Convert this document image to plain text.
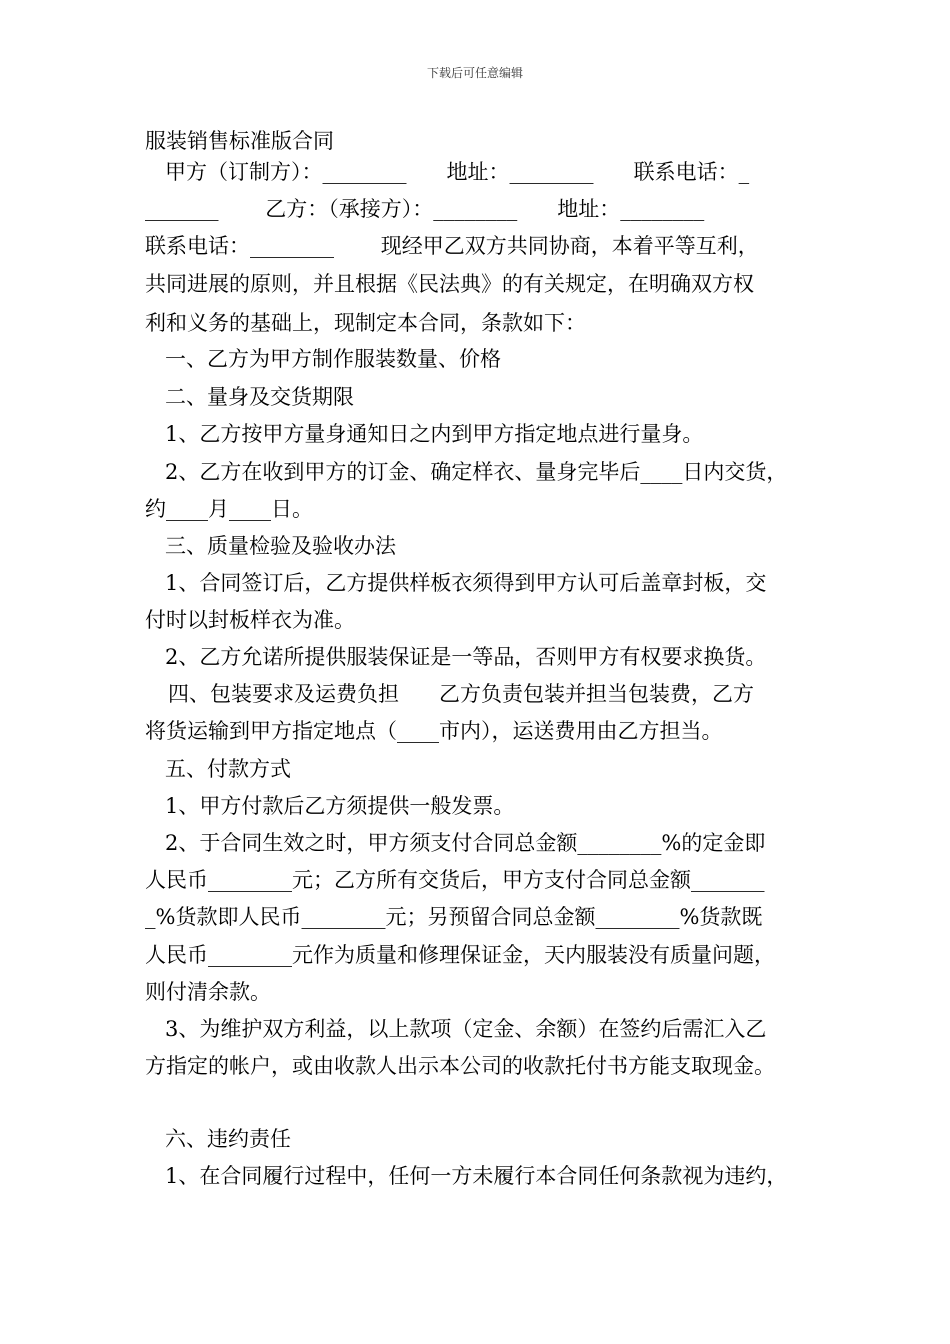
下载后可任意编辑
服装销售标准版合同
甲方（订制方）：________      地址：________      联系电话：_
_______       乙方：（承接方）：________      地址：________
联系电话：________       现经甲乙双方共同协商，本着平等互利，
共同进展的原则，并且根据《民法典》的有关规定，在明确双方权
利和义务的基础上，现制定本合同，条款如下：
一、乙方为甲方制作服装数量、价格
二、量身及交货期限
1、乙方按甲方量身通知日之内到甲方指定地点进行量身。
2、乙方在收到甲方的订金、确定样衣、量身完毕后____日内交货，
约____月____日。
三、质量检验及验收办法
1、合同签订后，乙方提供样板衣须得到甲方认可后盖章封板，交
付时以封板样衣为准。
2、乙方允诺所提供服装保证是一等品，否则甲方有权要求换货。
四、包装要求及运费负担      乙方负责包装并担当包装费，乙方
将货运输到甲方指定地点（____市内），运送费用由乙方担当。
五、付款方式
1、甲方付款后乙方须提供一般发票。
2、于合同生效之时，甲方须支付合同总金额________%的定金即
人民币________元；乙方所有交货后，甲方支付合同总金额_______
_%货款即人民币________元；另预留合同总金额________%货款既
人民币________元作为质量和修理保证金，天内服装没有质量问题，
则付清余款。
3、为维护双方利益，以上款项（定金、余额）在签约后需汇入乙
方指定的帐户，或由收款人出示本公司的收款托付书方能支取现金。
六、违约责任
1、在合同履行过程中，任何一方未履行本合同任何条款视为违约，
